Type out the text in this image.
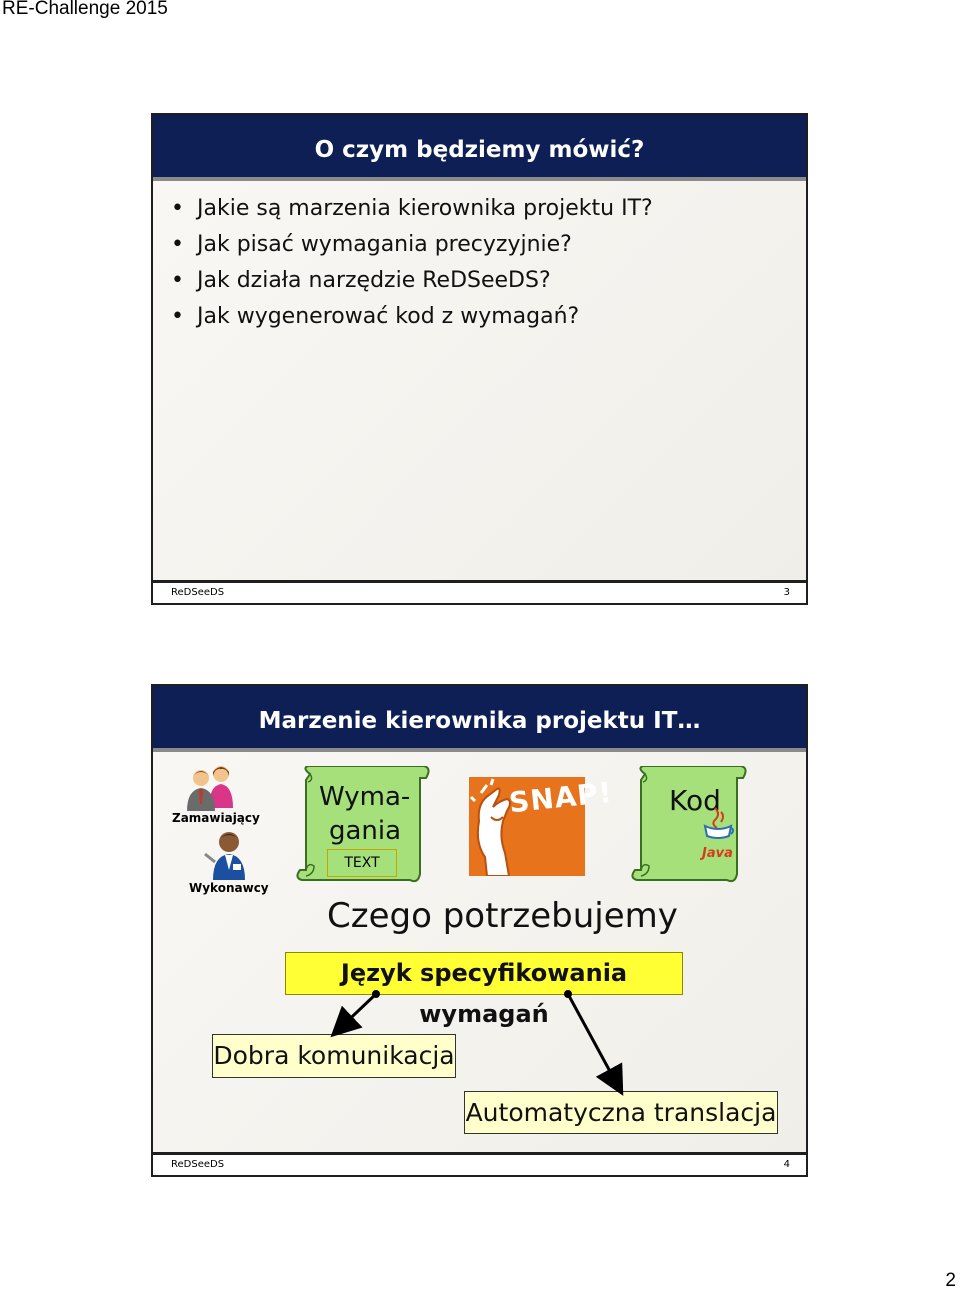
RE-Challenge 2015
O czym będziemy mówić?
• Jakie są marzenia kierownika projektu IT?
• Jak pisać wymagania precyzyjnie?
• Jak działa narzędzie ReDSeeDS?
• Jak wygenerować kod z wymagań?
ReDSeeDS	3
Marzenie kierownika projektu IT…
Zamawiający
Wykonawcy
Wyma-
gania
TEXT
SNAP! Kod
Java
Czego potrzebujemy
Język specyfikowania wymagań
Dobra komunikacja
Automatyczna translacja
ReDSeeDS	4
2
